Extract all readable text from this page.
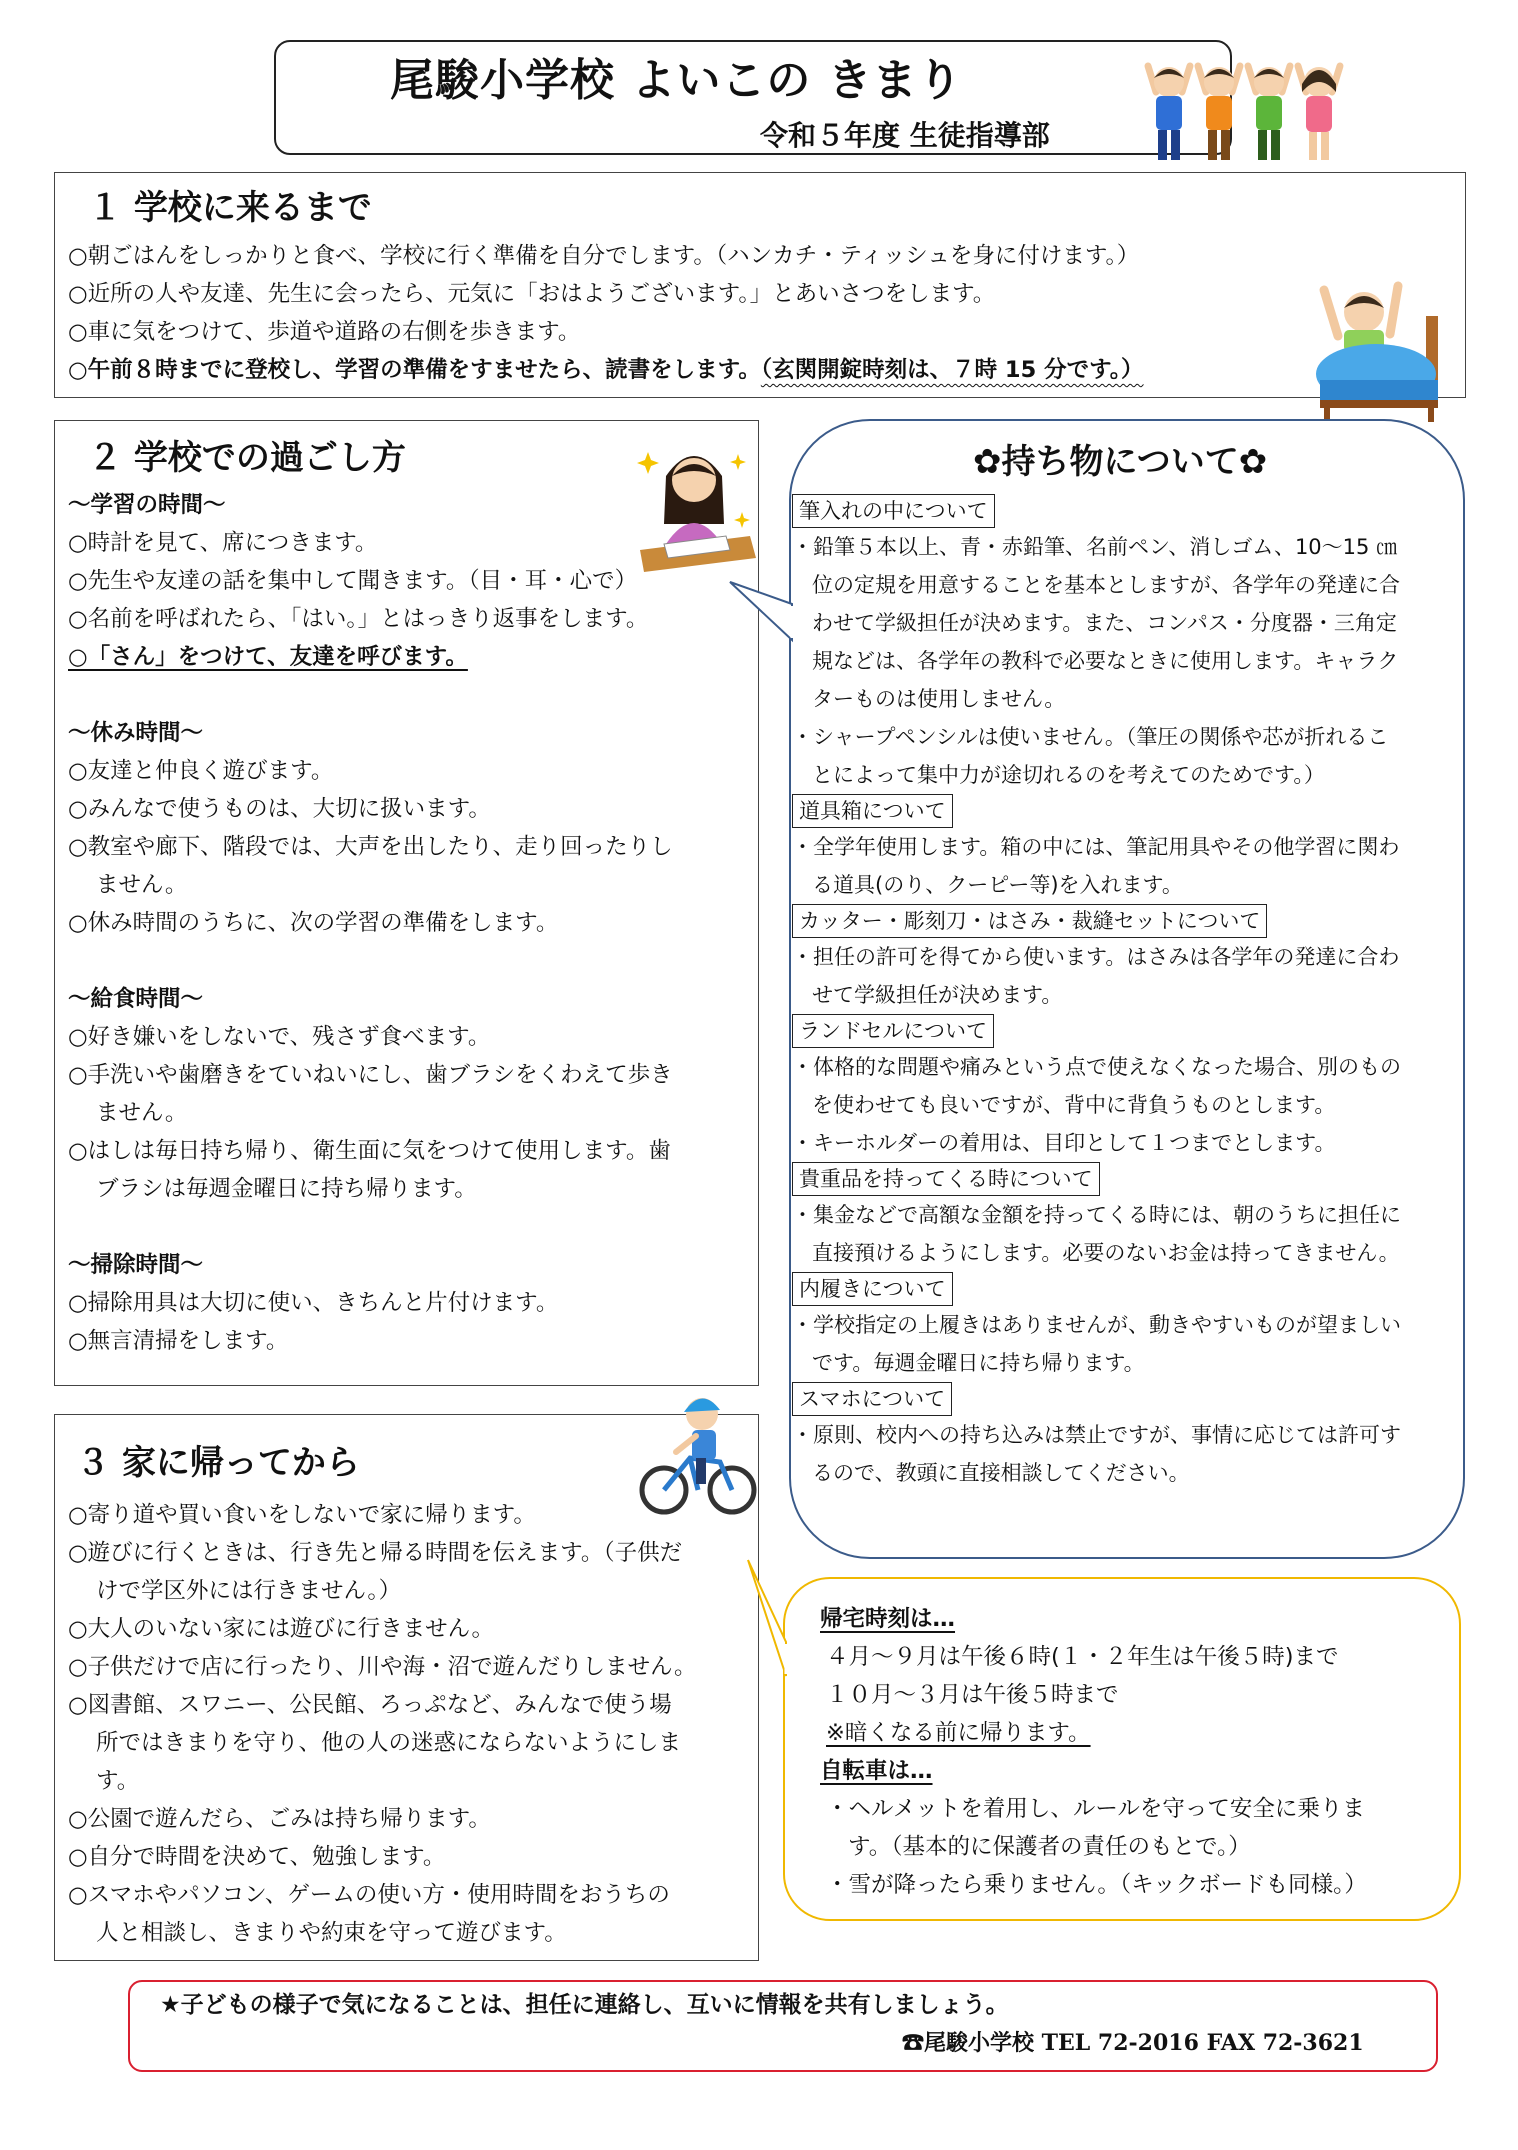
尾駿小学校 よいこの きまり
令和５年度 生徒指導部
１ 学校に来るまで
○朝ごはんをしっかりと食べ、学校に行く準備を自分でします。（ハンカチ・ティッシュを身に付けます。）
○近所の人や友達、先生に会ったら、元気に「おはようございます。」とあいさつをします。
○車に気をつけて、歩道や道路の右側を歩きます。
○午前８時までに登校し、学習の準備をすませたら、読書をします。（玄関開錠時刻は、７時 15 分です。）
２ 学校での過ごし方
〜学習の時間〜
○時計を見て、席につきます。
○先生や友達の話を集中して聞きます。（目・耳・心で）
○名前を呼ばれたら、「はい。」とはっきり返事をします。
○「さん」をつけて、友達を呼びます。
〜休み時間〜
○友達と仲良く遊びます。
○みんなで使うものは、大切に扱います。
○教室や廊下、階段では、大声を出したり、走り回ったりし
ません。
○休み時間のうちに、次の学習の準備をします。
〜給食時間〜
○好き嫌いをしないで、残さず食べます。
○手洗いや歯磨きをていねいにし、歯ブラシをくわえて歩き
ません。
○はしは毎日持ち帰り、衛生面に気をつけて使用します。歯
ブラシは毎週金曜日に持ち帰ります。
〜掃除時間〜
○掃除用具は大切に使い、きちんと片付けます。
○無言清掃をします。
３ 家に帰ってから
○寄り道や買い食いをしないで家に帰ります。
○遊びに行くときは、行き先と帰る時間を伝えます。（子供だ
けで学区外には行きません。）
○大人のいない家には遊びに行きません。
○子供だけで店に行ったり、川や海・沼で遊んだりしません。
○図書館、スワニー、公民館、ろっぷなど、みんなで使う場
所ではきまりを守り、他の人の迷惑にならないようにしま
す。
○公園で遊んだら、ごみは持ち帰ります。
○自分で時間を決めて、勉強します。
○スマホやパソコン、ゲームの使い方・使用時間をおうちの
人と相談し、きまりや約束を守って遊びます。
✿持ち物について✿
筆入れの中について
・鉛筆５本以上、青・赤鉛筆、名前ペン、消しゴム、10〜15 ㎝
位の定規を用意することを基本としますが、各学年の発達に合
わせて学級担任が決めます。また、コンパス・分度器・三角定
規などは、各学年の教科で必要なときに使用します。キャラク
ターものは使用しません。
・シャープペンシルは使いません。（筆圧の関係や芯が折れるこ
とによって集中力が途切れるのを考えてのためです。）
道具箱について
・全学年使用します。箱の中には、筆記用具やその他学習に関わ
る道具(のり、クーピー等)を入れます。
カッター・彫刻刀・はさみ・裁縫セットについて
・担任の許可を得てから使います。はさみは各学年の発達に合わ
せて学級担任が決めます。
ランドセルについて
・体格的な問題や痛みという点で使えなくなった場合、別のもの
を使わせても良いですが、背中に背負うものとします。
・キーホルダーの着用は、目印として１つまでとします。
貴重品を持ってくる時について
・集金などで高額な金額を持ってくる時には、朝のうちに担任に
直接預けるようにします。必要のないお金は持ってきません。
内履きについて
・学校指定の上履きはありませんが、動きやすいものが望ましい
です。毎週金曜日に持ち帰ります。
スマホについて
・原則、校内への持ち込みは禁止ですが、事情に応じては許可す
るので、教頭に直接相談してください。
帰宅時刻は…
４月〜９月は午後６時(１・２年生は午後５時)まで
１０月〜３月は午後５時まで
※暗くなる前に帰ります。
自転車は…
・ヘルメットを着用し、ルールを守って安全に乗りま
す。（基本的に保護者の責任のもとで。）
・雪が降ったら乗りません。（キックボードも同様。）
★子どもの様子で気になることは、担任に連絡し、互いに情報を共有しましょう。
☎尾駿小学校 TEL 72-2016 FAX 72-3621
